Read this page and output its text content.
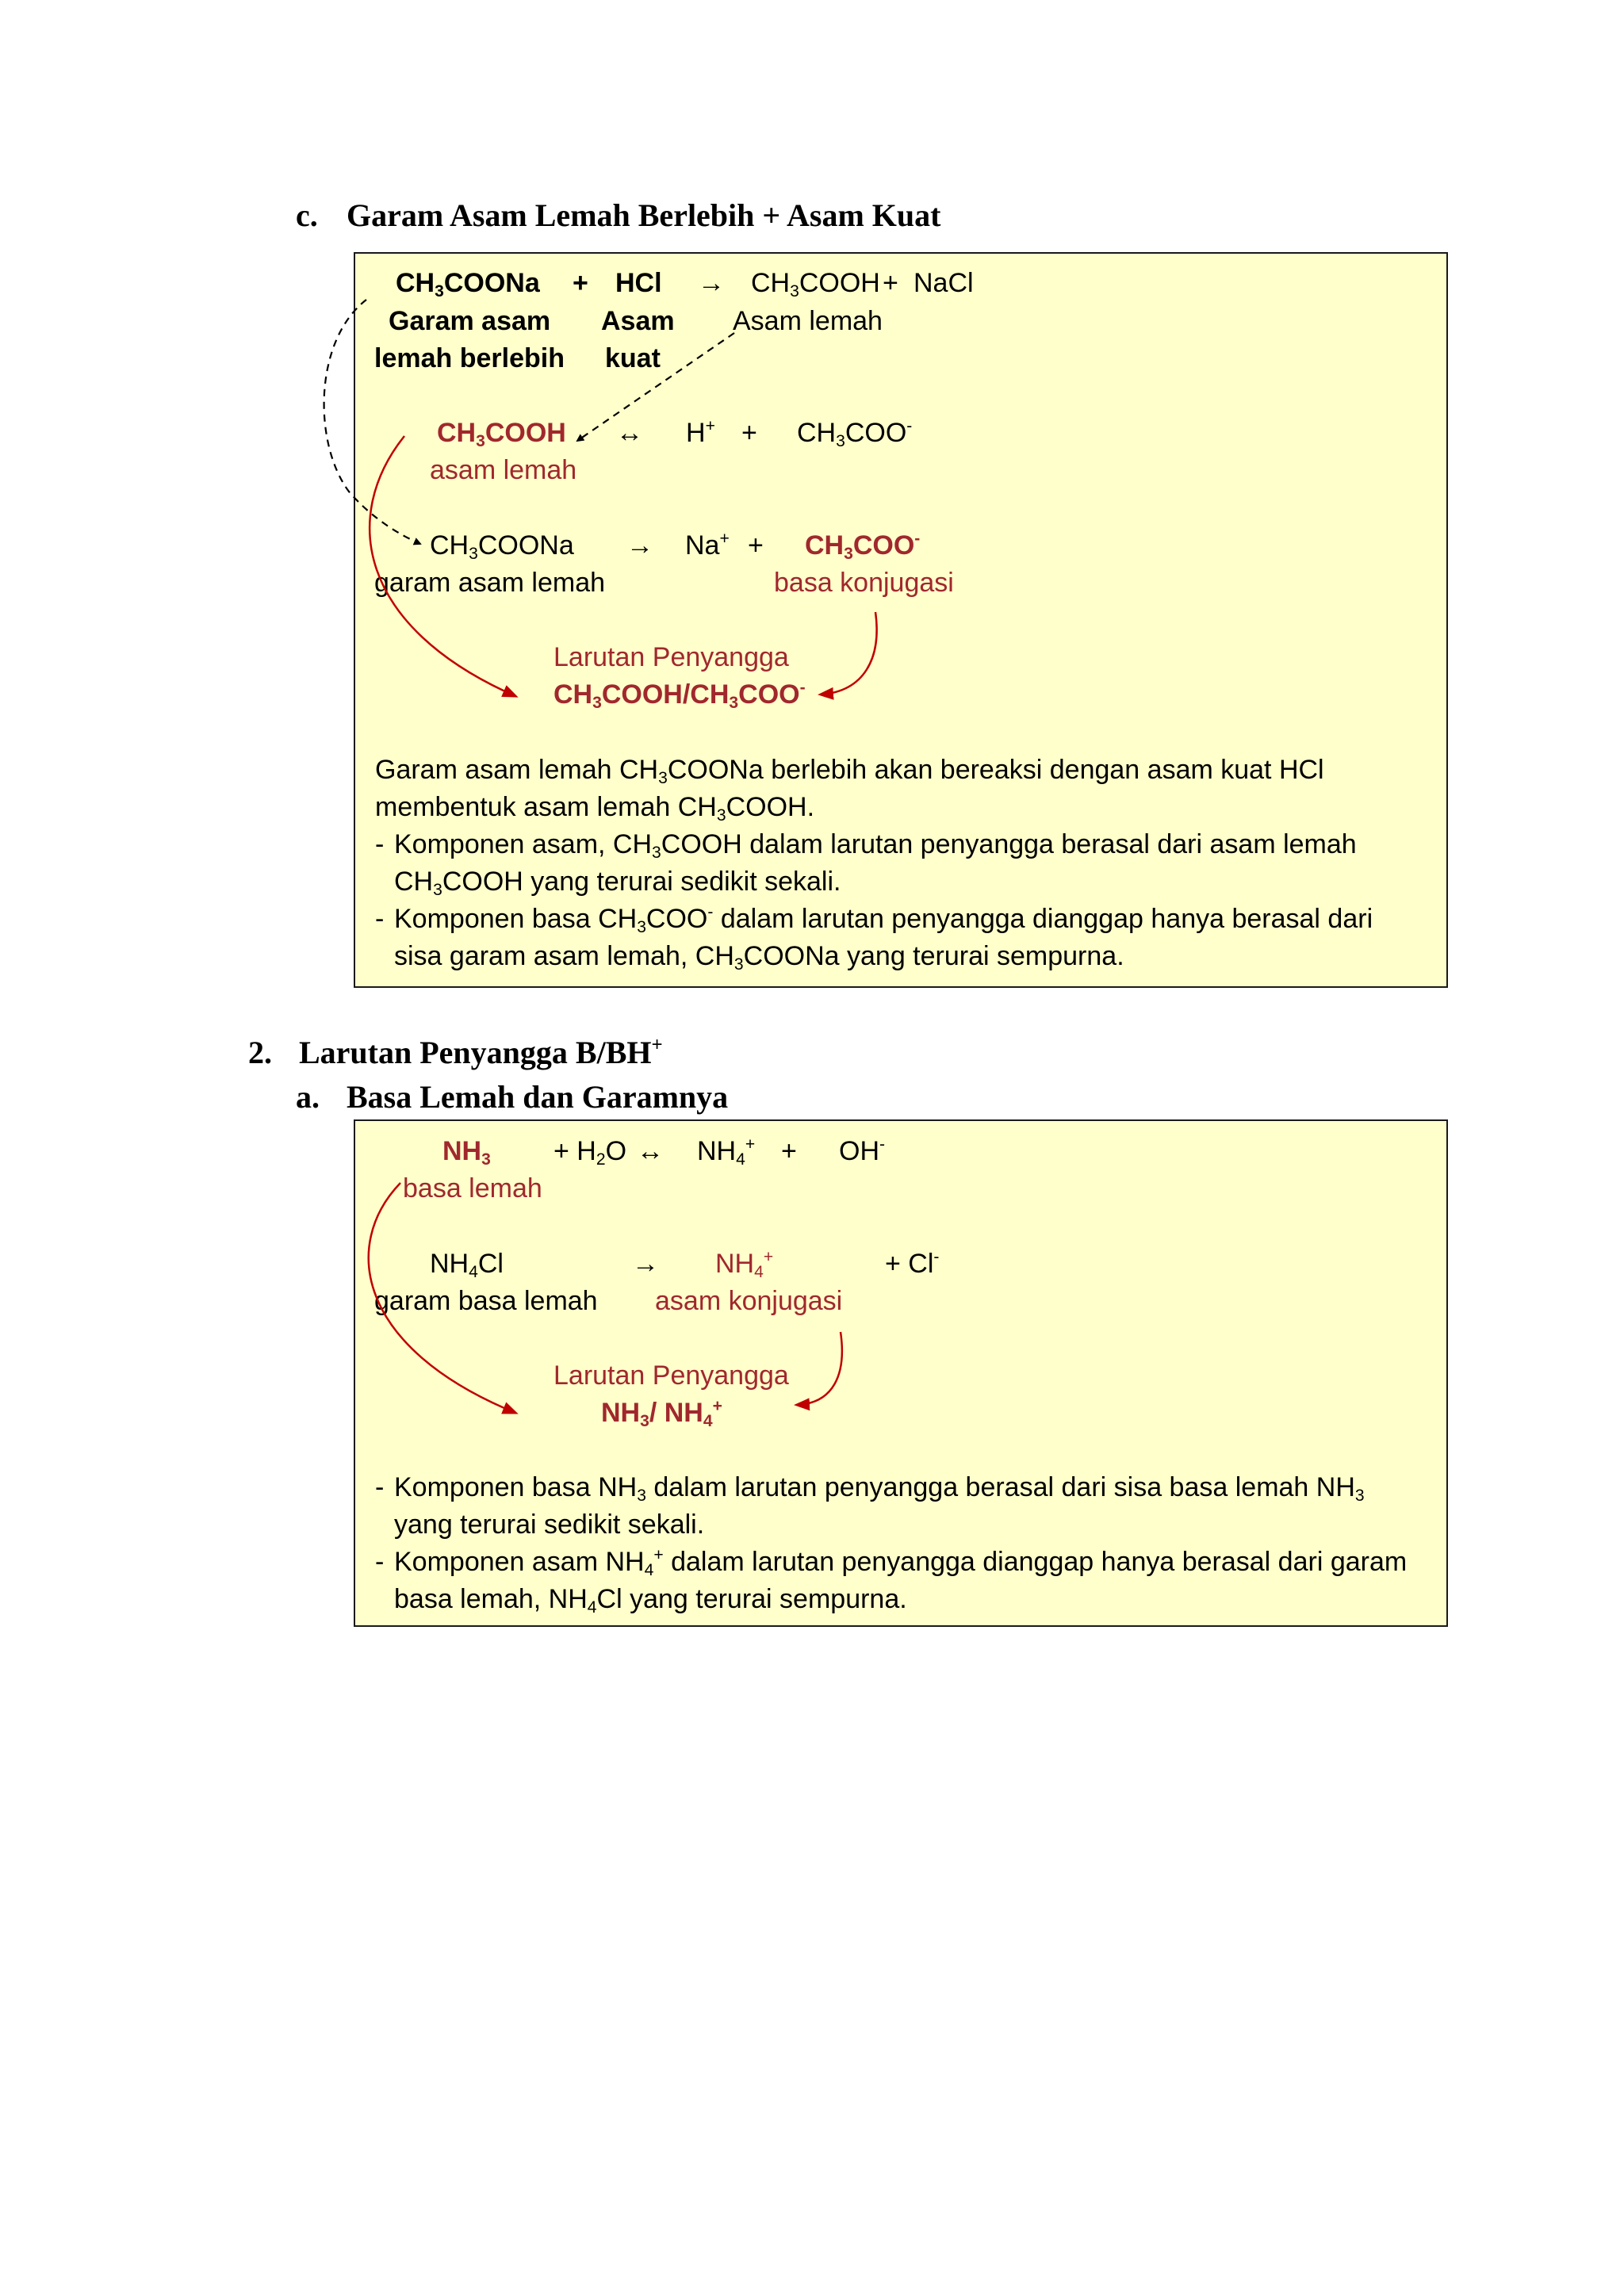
c. Garam Asam Lemah Berlebih + Asam Kuat
$CH_3COONa$ + HCl → $CH_3COOH$ + NaCl
Garam asam
lemah berlebih
Asam
kuat
Asam lemah
$CH_3COOH$
asam lemah
↔ $H^+ + CH_3COO^-$
$CH_3COONa$
garam asam lemah
→ $Na^+ + CH_3COO^-$
basa konjugasi
Larutan Penyangga
$CH_3COOH/CH_3COO^-$
Garam asam lemah $CH_3COONa$ berlebih akan bereaksi dengan asam kuat HCl
membentuk asam lemah $CH_3COOH$.
- Komponen asam, $CH_3COOH$ dalam larutan penyangga berasal dari asam lemah
$CH_3COOH$ yang terurai sedikit sekali.
- Komponen basa $CH_3COO^-$ dalam larutan penyangga dianggap hanya berasal dari
sisa garam asam lemah, $CH_3COONa$ yang terurai sempurna.
2. Larutan Penyangga B/BH+
a. Basa Lemah dan Garamnya
$NH_3$
basa lemah
+ $H_2O$ ↔ $NH_4^+ + OH^-$
$NH_4Cl$
garam basa lemah
→ $NH_4^+$
asam konjugasi
+ Cl-
Larutan Penyangga
$NH_3/$ $NH_4^+$
- Komponen basa $NH_3$ dalam larutan penyangga berasal dari sisa basa lemah $NH_3$
yang terurai sedikit sekali.
- Komponen asam $NH_4^+$ dalam larutan penyangga dianggap hanya berasal dari garam
basa lemah, $NH_4Cl$ yang terurai sempurna.
